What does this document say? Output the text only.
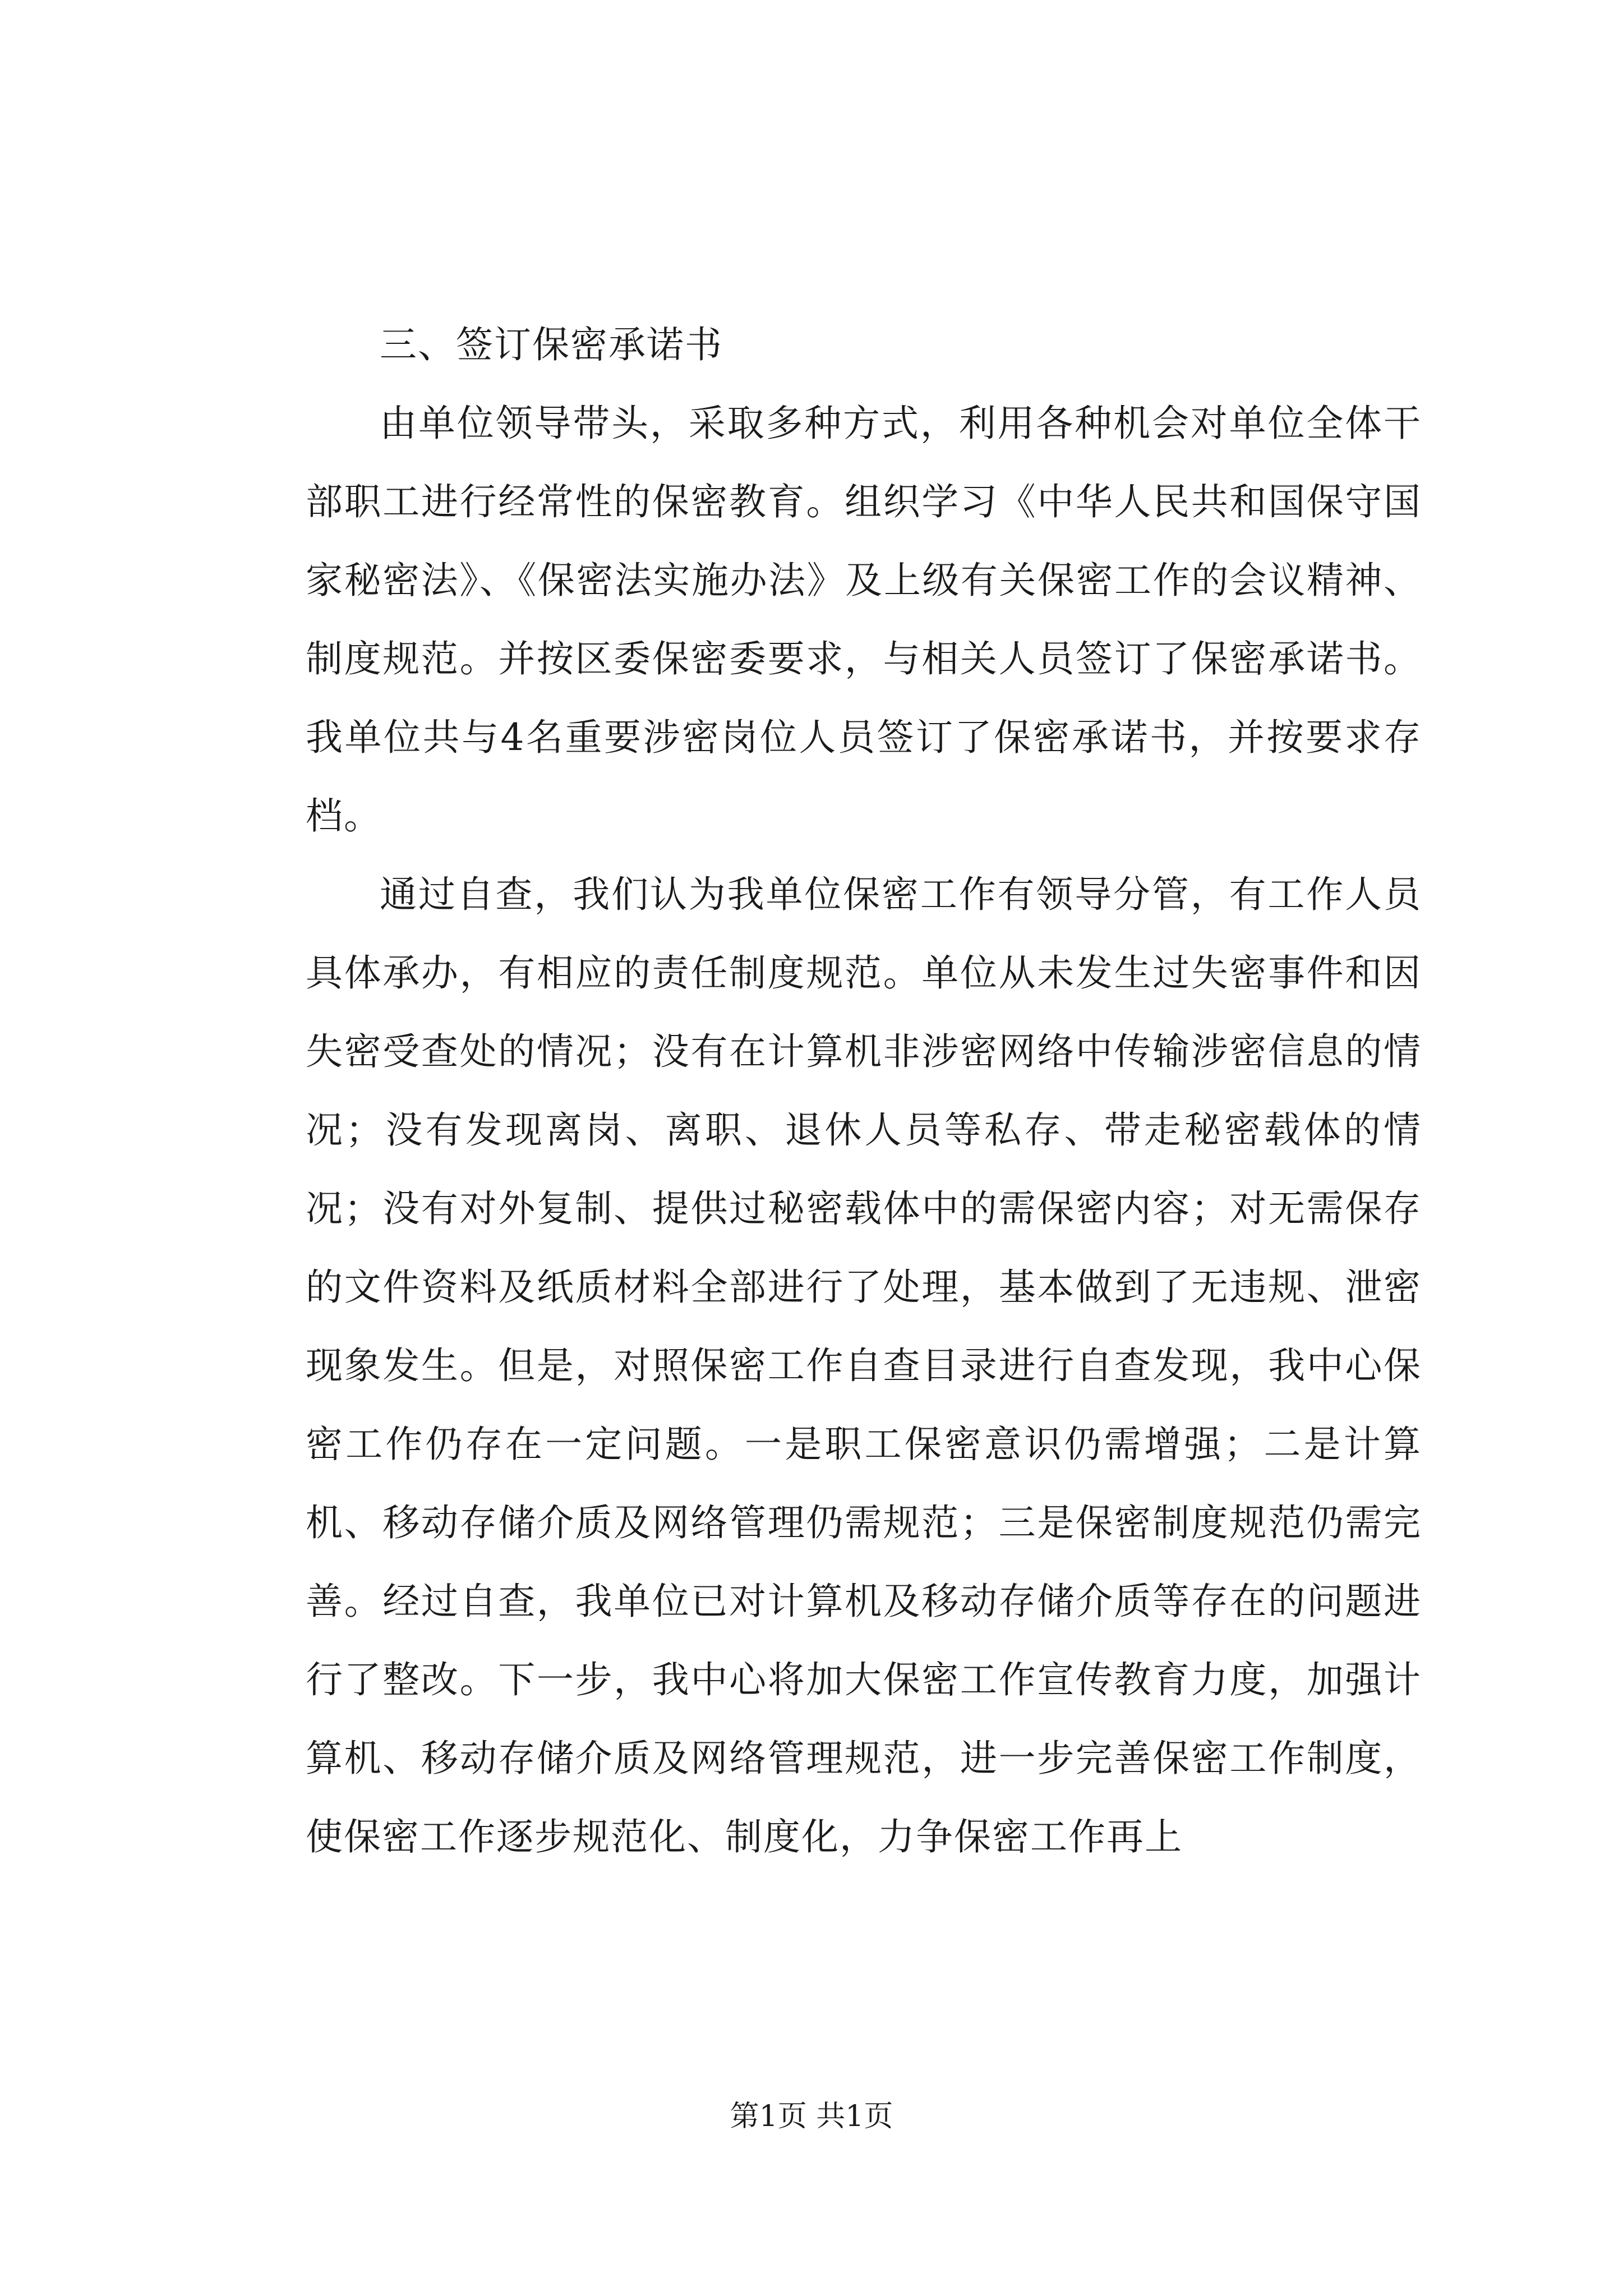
三、签订保密承诺书

由单位领导带头，采取多种方式，利用各种机会对单位全体干部职工进行经常性的保密教育。组织学习《中华人民共和国保守国家秘密法》、《保密法实施办法》及上级有关保密工作的会议精神、制度规范。并按区委保密委要求，与相关人员签订了保密承诺书。我单位共与4名重要涉密岗位人员签订了保密承诺书，并按要求存档。

通过自查，我们认为我单位保密工作有领导分管，有工作人员具体承办，有相应的责任制度规范。单位从未发生过失密事件和因失密受查处的情况；没有在计算机非涉密网络中传输涉密信息的情况；没有发现离岗、离职、退休人员等私存、带走秘密载体的情况；没有对外复制、提供过秘密载体中的需保密内容；对无需保存的文件资料及纸质材料全部进行了处理，基本做到了无违规、泄密现象发生。但是，对照保密工作自查目录进行自查发现，我中心保密工作仍存在一定问题。一是职工保密意识仍需增强；二是计算机、移动存储介质及网络管理仍需规范；三是保密制度规范仍需完善。经过自查，我单位已对计算机及移动存储介质等存在的问题进行了整改。下一步，我中心将加大保密工作宣传教育力度，加强计算机、移动存储介质及网络管理规范，进一步完善保密工作制度，使保密工作逐步规范化、制度化，力争保密工作再上

第1页 共1页
